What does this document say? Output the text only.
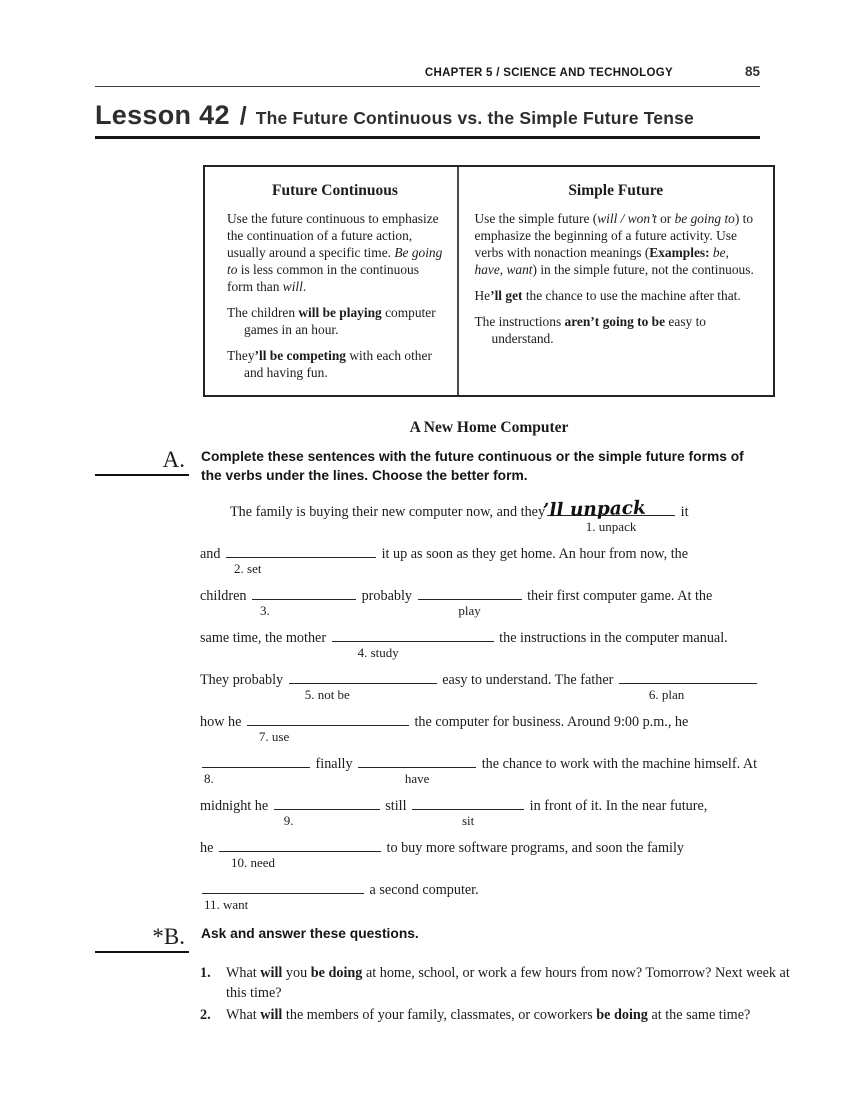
CHAPTER 5 / SCIENCE AND TECHNOLOGY	85
Lesson 42 / The Future Continuous vs. the Simple Future Tense
Future Continuous
Use the future continuous to emphasize the continuation of a future action, usually around a specific time. Be going to is less common in the continuous form than will.
The children will be playing computer games in an hour.
They’ll be competing with each other and having fun.
Simple Future
Use the simple future (will / won’t or be going to) to emphasize the beginning of a future activity. Use verbs with nonaction meanings (Examples: be, have, want) in the simple future, not the continuous.
He’ll get the chance to use the machine after that.
The instructions aren’t going to be easy to understand.
A New Home Computer
A. Complete these sentences with the future continuous or the simple future forms of the verbs under the lines. Choose the better form.
The family is buying their new computer now, and they
’ll unpack
1. unpack
it
and
2. set
it up as soon as they get home. An hour from now, the
children
3.
probably
play
their first computer game. At the
same time, the mother
4. study
the instructions in the computer manual.
They probably
5. not be
easy to understand. The father
6. plan
how he
7. use
the computer for business. Around 9:00 p.m., he
8.
finally
have
the chance to work with the machine himself. At
midnight he
9.
still
sit
in front of it. In the near future,
he
10. need
to buy more software programs, and soon the family
11. want
a second computer.
*B. Ask and answer these questions.
1.	What will you be doing at home, school, or work a few hours from now? Tomorrow? Next week at this time?
2.	What will the members of your family, classmates, or coworkers be doing at the same time?
